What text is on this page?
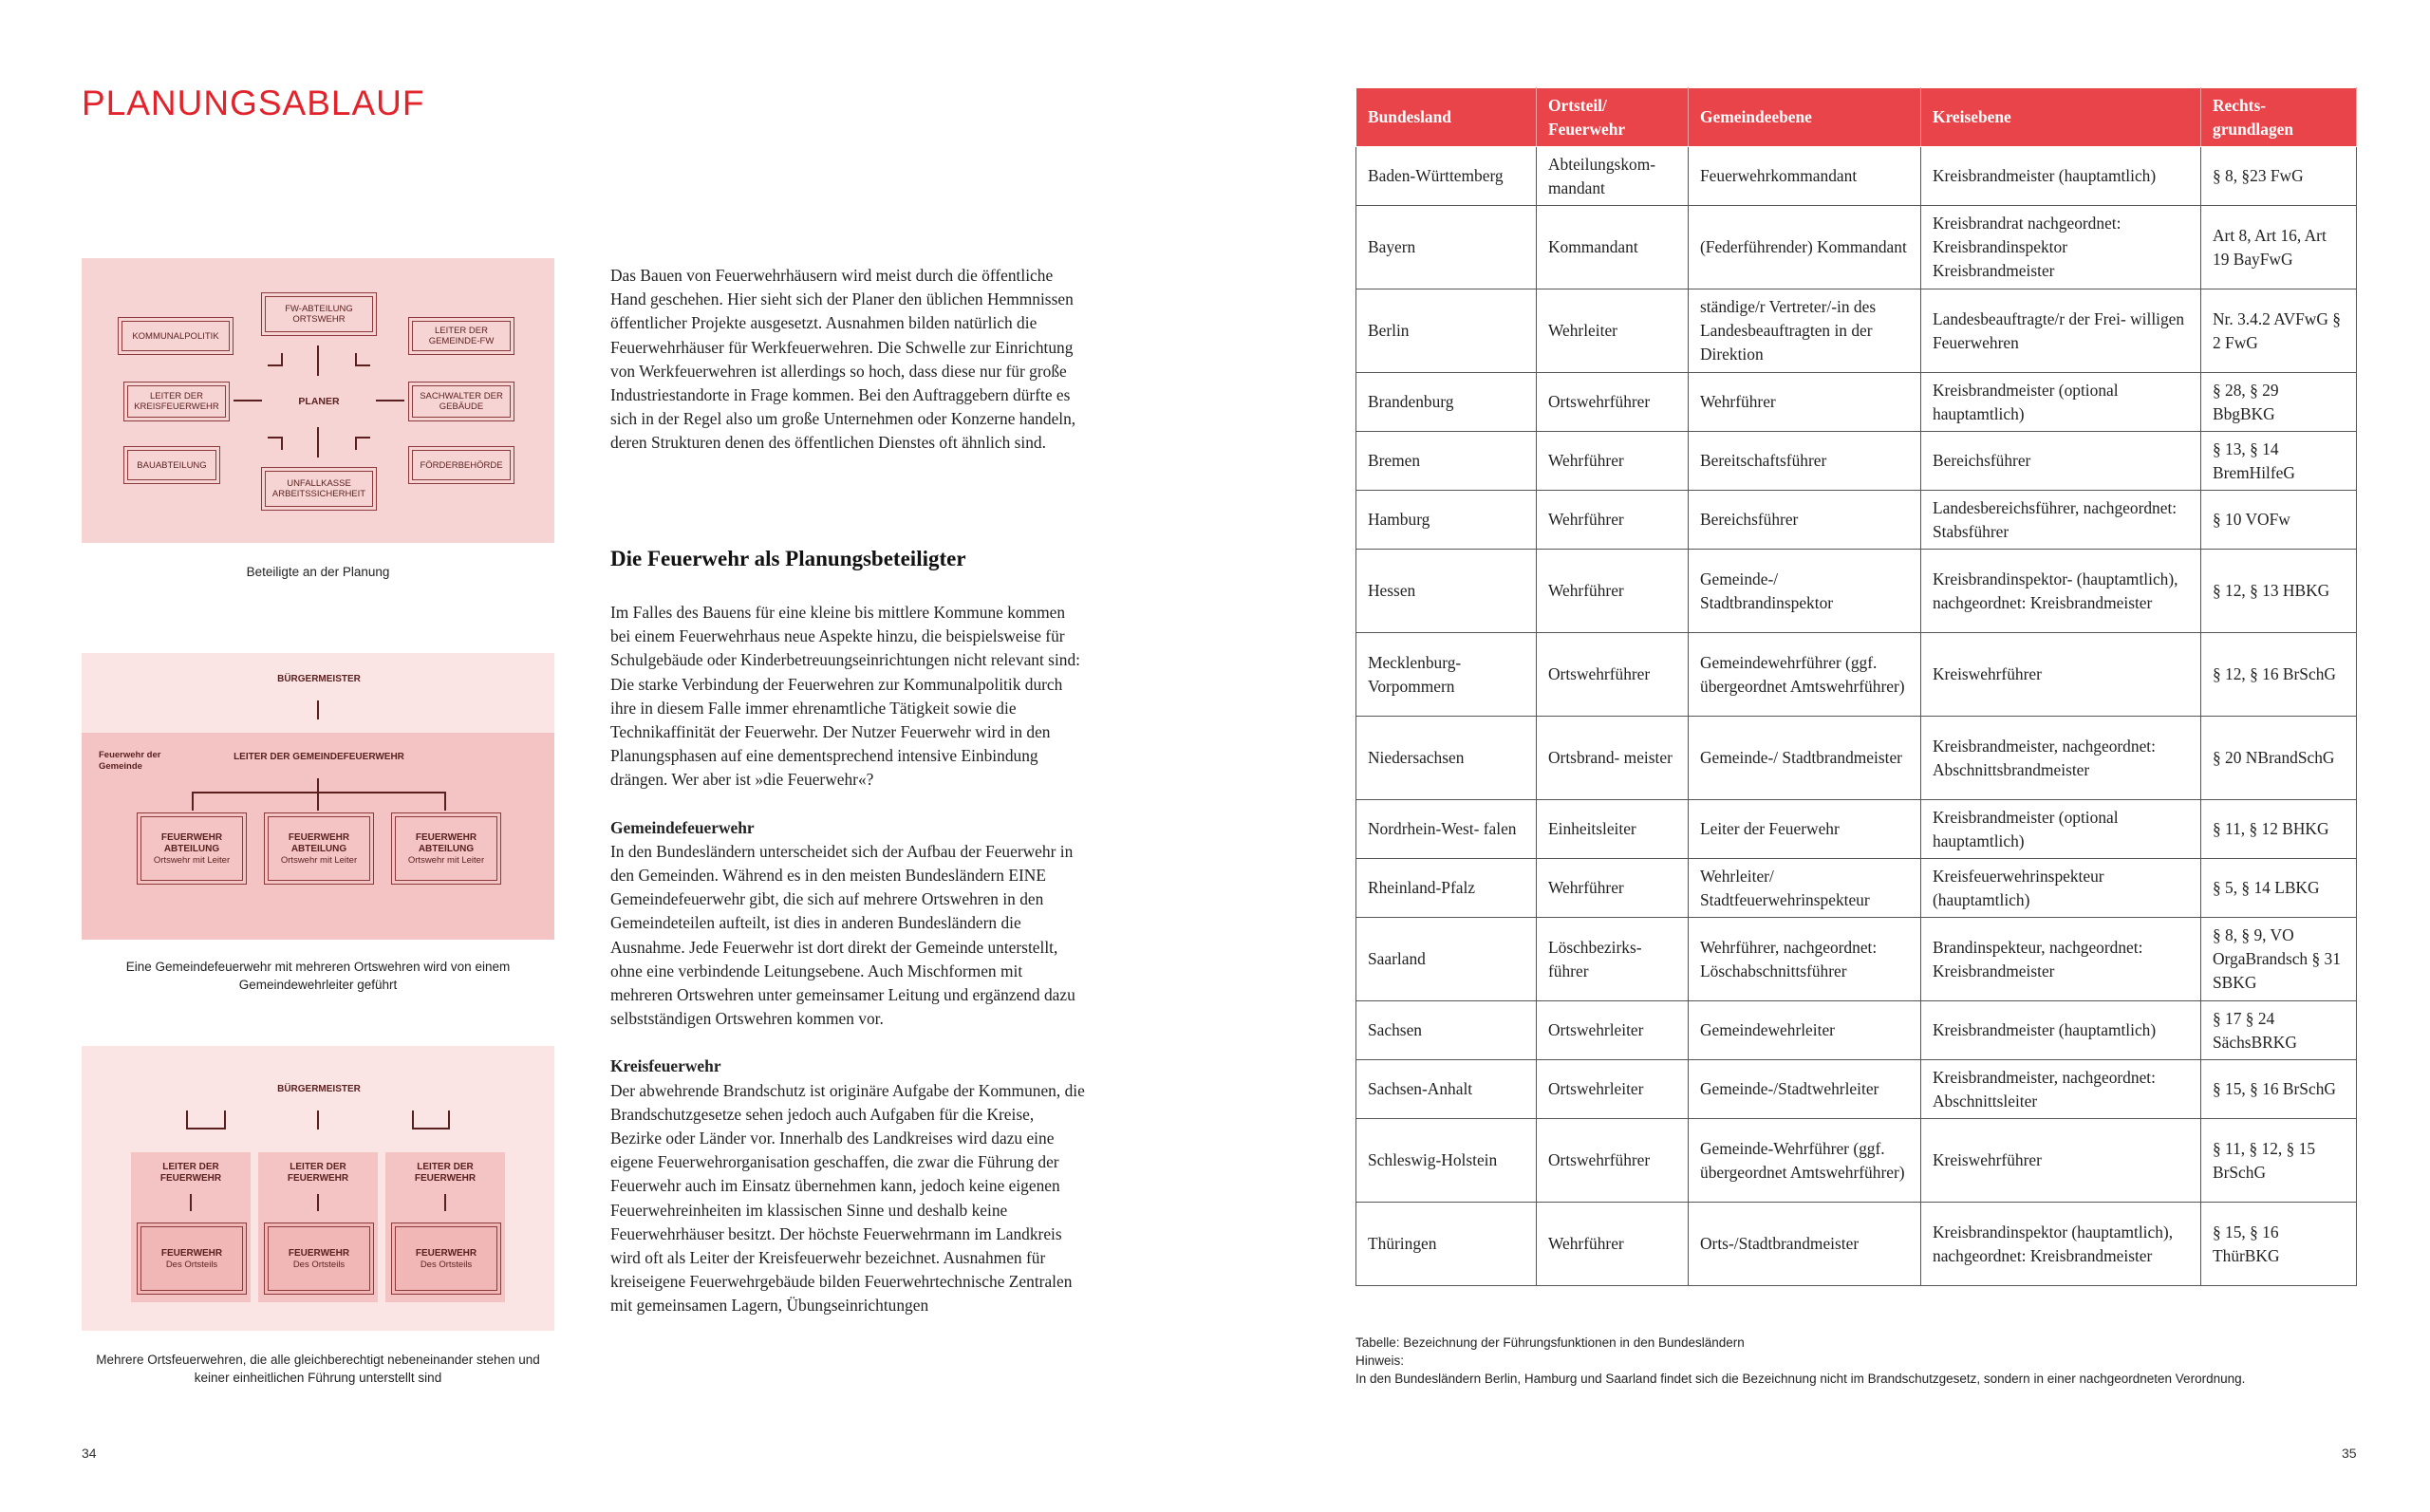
PLANUNGSABLAUF
KOMMUNALPOLITIK
FW-ABTEILUNG ORTSWEHR
LEITER DER GEMEINDE-FW
LEITER DER KREISFEUERWEHR	PLANER	SACHWALTER DER GEBÄUDE
BAUABTEILUNG
UNFALLKASSE ARBEITSSICHERHEIT
FÖRDERBEHÖRDE
Beteiligte an der Planung
BÜRGERMEISTER
Feuerwehr der Gemeinde
LEITER DER GEMEINDEFEUERWEHR
FEUERWEHR ABTEILUNG
Ortswehr mit Leiter
FEUERWEHR ABTEILUNG
Ortswehr mit Leiter
FEUERWEHR ABTEILUNG
Ortswehr mit Leiter
Eine Gemeindefeuerwehr mit mehreren Ortswehren wird von einem Gemeindewehrleiter geführt
BÜRGERMEISTER
LEITER DER FEUERWEHR
LEITER DER FEUERWEHR
LEITER DER FEUERWEHR
FEUERWEHR
Des Ortsteils
FEUERWEHR
Des Ortsteils
FEUERWEHR
Des Ortsteils
Mehrere Ortsfeuerwehren, die alle gleichberechtigt nebeneinander stehen und keiner einheitlichen Führung unterstellt sind

Das Bauen von Feuerwehrhäusern wird meist durch die öffentliche Hand geschehen. Hier sieht sich der Planer den üblichen Hemmnissen öffentlicher Projekte ausgesetzt. Ausnahmen bilden natürlich die Feuerwehrhäuser für Werkfeuerwehren. Die Schwelle zur Einrichtung von Werkfeuerwehren ist allerdings so hoch, dass diese nur für große Industriestandorte in Frage kommen. Bei den Auftraggebern dürfte es sich in der Regel also um große Unternehmen oder Konzerne handeln, deren Strukturen denen des öffentlichen Dienstes oft ähnlich sind.

Die Feuerwehr als Planungsbeteiligter

Im Falles des Bauens für eine kleine bis mittlere Kommune kommen bei einem Feuerwehrhaus neue Aspekte hinzu, die beispielsweise für Schulgebäude oder Kinderbetreuungseinrichtungen nicht relevant sind: Die starke Verbindung der Feuerwehren zur Kommunalpolitik durch ihre in diesem Falle immer ehrenamtliche Tätigkeit sowie die Technikaffinität der Feuerwehr. Der Nutzer Feuerwehr wird in den Planungsphasen auf eine dementsprechend intensive Einbindung drängen. Wer aber ist »die Feuerwehr«?

Gemeindefeuerwehr

In den Bundesländern unterscheidet sich der Aufbau der Feuerwehr in den Gemeinden. Während es in den meisten Bundesländern EINE Gemeindefeuerwehr gibt, die sich auf mehrere Ortswehren in den Gemeindeteilen aufteilt, ist dies in anderen Bundesländern die Ausnahme. Jede Feuerwehr ist dort direkt der Gemeinde unterstellt, ohne eine verbindende Leitungsebene. Auch Mischformen mit mehreren Ortswehren unter gemeinsamer Leitung und ergänzend dazu selbstständigen Ortswehren kommen vor.

Kreisfeuerwehr

Der abwehrende Brandschutz ist originäre Aufgabe der Kommunen, die Brandschutzgesetze sehen jedoch auch Aufgaben für die Kreise, Bezirke oder Länder vor. Innerhalb des Landkreises wird dazu eine eigene Feuerwehrorganisation geschaffen, die zwar die Führung der Feuerwehr auch im Einsatz übernehmen kann, jedoch keine eigenen Feuerwehreinheiten im klassischen Sinne und deshalb keine Feuerwehrhäuser besitzt. Der höchste Feuerwehrmann im Landkreis wird oft als Leiter der Kreisfeuerwehr bezeichnet. Ausnahmen für kreiseigene Feuerwehrgebäude bilden Feuerwehrtechnische Zentralen mit gemeinsamen Lagern, Übungseinrichtungen

34
Bundesland	Ortsteil/ Feuerwehr	Gemeindeebene	Kreisebene	Rechts- grundlagen
Baden-Württemberg	Abteilungskom- mandant	Feuerwehrkommandant	Kreisbrandmeister (hauptamtlich)	§ 8, §23 FwG
Bayern	Kommandant	(Federführender) Kommandant	Kreisbrandrat nachgeordnet: Kreisbrandinspektor Kreisbrandmeister	Art 8, Art 16, Art 19 BayFwG
Berlin	Wehrleiter	ständige/r Vertreter/-in des Landesbeauftragten in der Direktion	Landesbeauftragte/r der Frei- willigen Feuerwehren	Nr. 3.4.2 AVFwG § 2 FwG
Brandenburg	Ortswehrführer	Wehrführer	Kreisbrandmeister (optional hauptamtlich)	§ 28, § 29 BbgBKG
Bremen	Wehrführer	Bereitschaftsführer	Bereichsführer	§ 13, § 14 BremHilfeG
Hamburg	Wehrführer	Bereichsführer	Landesbereichsführer, nachgeordnet: Stabsführer	§ 10 VOFw
Hessen	Wehrführer	Gemeinde-/ Stadtbrandinspektor	Kreisbrandinspektor- (hauptamtlich), nachgeordnet: Kreisbrandmeister	§ 12, § 13 HBKG
Mecklenburg- Vorpommern	Ortswehrführer	Gemeindewehrführer (ggf. übergeordnet Amtswehrführer)	Kreiswehrführer	§ 12, § 16 BrSchG
Niedersachsen	Ortsbrand- meister	Gemeinde-/ Stadtbrandmeister	Kreisbrandmeister, nachgeordnet: Abschnittsbrandmeister	§ 20 NBrandSchG
Nordrhein-West- falen	Einheitsleiter	Leiter der Feuerwehr	Kreisbrandmeister (optional hauptamtlich)	§ 11, § 12 BHKG
Rheinland-Pfalz	Wehrführer	Wehrleiter/ Stadtfeuerwehrinspekteur	Kreisfeuerwehrinspekteur (hauptamtlich)	§ 5, § 14 LBKG
Saarland	Löschbezirks- führer	Wehrführer, nachgeordnet: Löschabschnittsführer	Brandinspekteur, nachgeordnet: Kreisbrandmeister	§ 8, § 9, VO OrgaBrandsch § 31 SBKG
Sachsen	Ortswehrleiter	Gemeindewehrleiter	Kreisbrandmeister (hauptamtlich)	§ 17 § 24 SächsBRKG
Sachsen-Anhalt	Ortswehrleiter	Gemeinde-/Stadtwehrleiter	Kreisbrandmeister, nachgeordnet: Abschnittsleiter	§ 15, § 16 BrSchG
Schleswig-Holstein	Ortswehrführer	Gemeinde-Wehrführer (ggf. übergeordnet Amtswehrführer)	Kreiswehrführer	§ 11, § 12, § 15 BrSchG
Thüringen	Wehrführer	Orts-/Stadtbrandmeister	Kreisbrandinspektor (hauptamtlich), nachgeordnet: Kreisbrandmeister	§ 15, § 16 ThürBKG
Tabelle: Bezeichnung der Führungsfunktionen in den Bundesländern
Hinweis:
In den Bundesländern Berlin, Hamburg und Saarland findet sich die Bezeichnung nicht im Brandschutzgesetz, sondern in einer nachgeordneten Verordnung.
35
